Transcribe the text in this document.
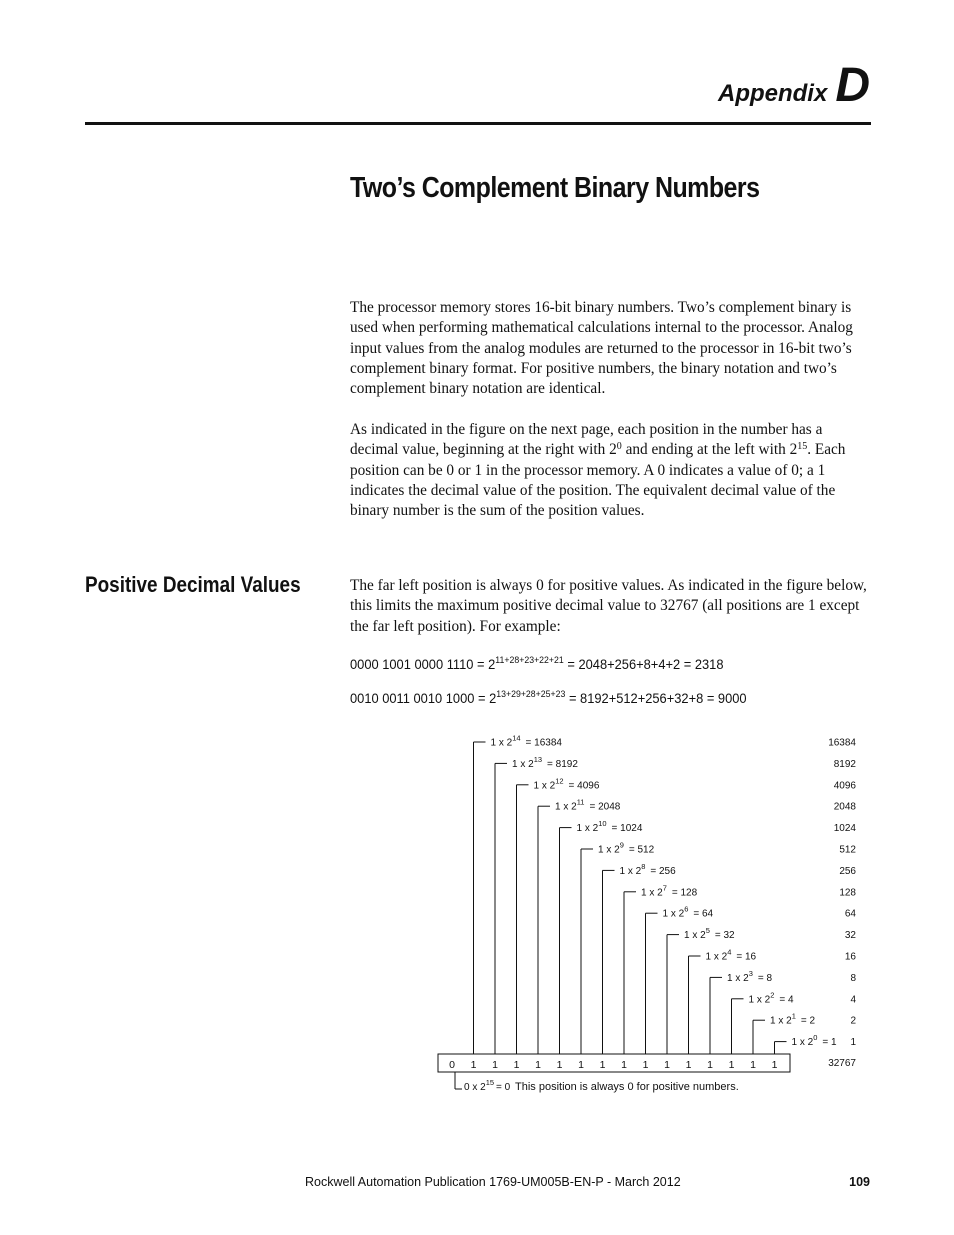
Appendix D
Two’s Complement Binary Numbers

The processor memory stores 16-bit binary numbers. Two’s complement binary is used when performing mathematical calculations internal to the processor. Analog input values from the analog modules are returned to the processor in 16-bit two’s complement binary format. For positive numbers, the binary notation and two’s complement binary notation are identical.

As indicated in the figure on the next page, each position in the number has a decimal value, beginning at the right with $2^0$ and ending at the left with $2^{15}$. Each position can be 0 or 1 in the processor memory. A 0 indicates a value of 0; a 1 indicates the decimal value of the position. The equivalent decimal value of the binary number is the sum of the position values.

Positive Decimal Values	The far left position is always 0 for positive values. As indicated in the figure below, this limits the maximum positive decimal value to 32767 (all positions are 1 except the far left position). For example:

0000 1001 0000 $1110 = 2^{11+28+23+22+21} = 2048+256+8+4+2 = 2318$
0010 0011 0010 $1000 = 2^{13+29+28+25+23} = 8192+512+256+32+8 = 9000$
0 1 1 1 1 1 1 1 1 1 1 1 1 1 1 1
1 x $2^{14} = 16384$
1 x $2^{13} = 8192$
1 x $2^{12} = 4096$
1 x $2^{11} = 2048$
1 x $2^{10} = 1024$
1 x $2^9 = 512$
1 x $2^8 = 256$
1 x $2^7 = 128$
1 x $2^6 = 64$
1 x $2^5 = 32$
1 x $2^4 = 16$
1 x $2^3 = 8$
1 x $2^2 = 4$
1 x $2^1 = 2$
1 x $2^0 = 1$
16384
8192
4096
2048
1024
512
256
128
64
32
16
8
4
2
1
32767
0 x $2^{15} = 0$ This position is always 0 for positive numbers.
Rockwell Automation Publication 1769-UM005B-EN-P - March 2012	109
